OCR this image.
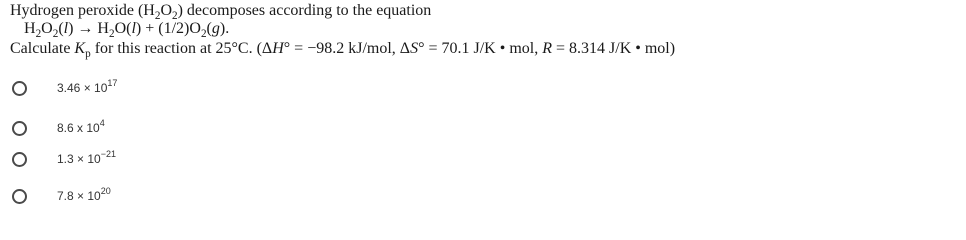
Hydrogen peroxide $(H_2O_2)$ decomposes according to the equation
$H_2O_2(l) \to H_2O(l) + (1/2)O_2(g)$.
Calculate $K_p$ for this reaction at 25°C. (ΔH° = −98.2 kJ/mol, ΔS° = 70.1 J/K • mol, R = 8.314 J/K • mol)
$3.46 \times 10^{17}$
8.6 x $10^4$
$1.3 \times 10^{-21}$
$7.8 \times 10^{20}$
